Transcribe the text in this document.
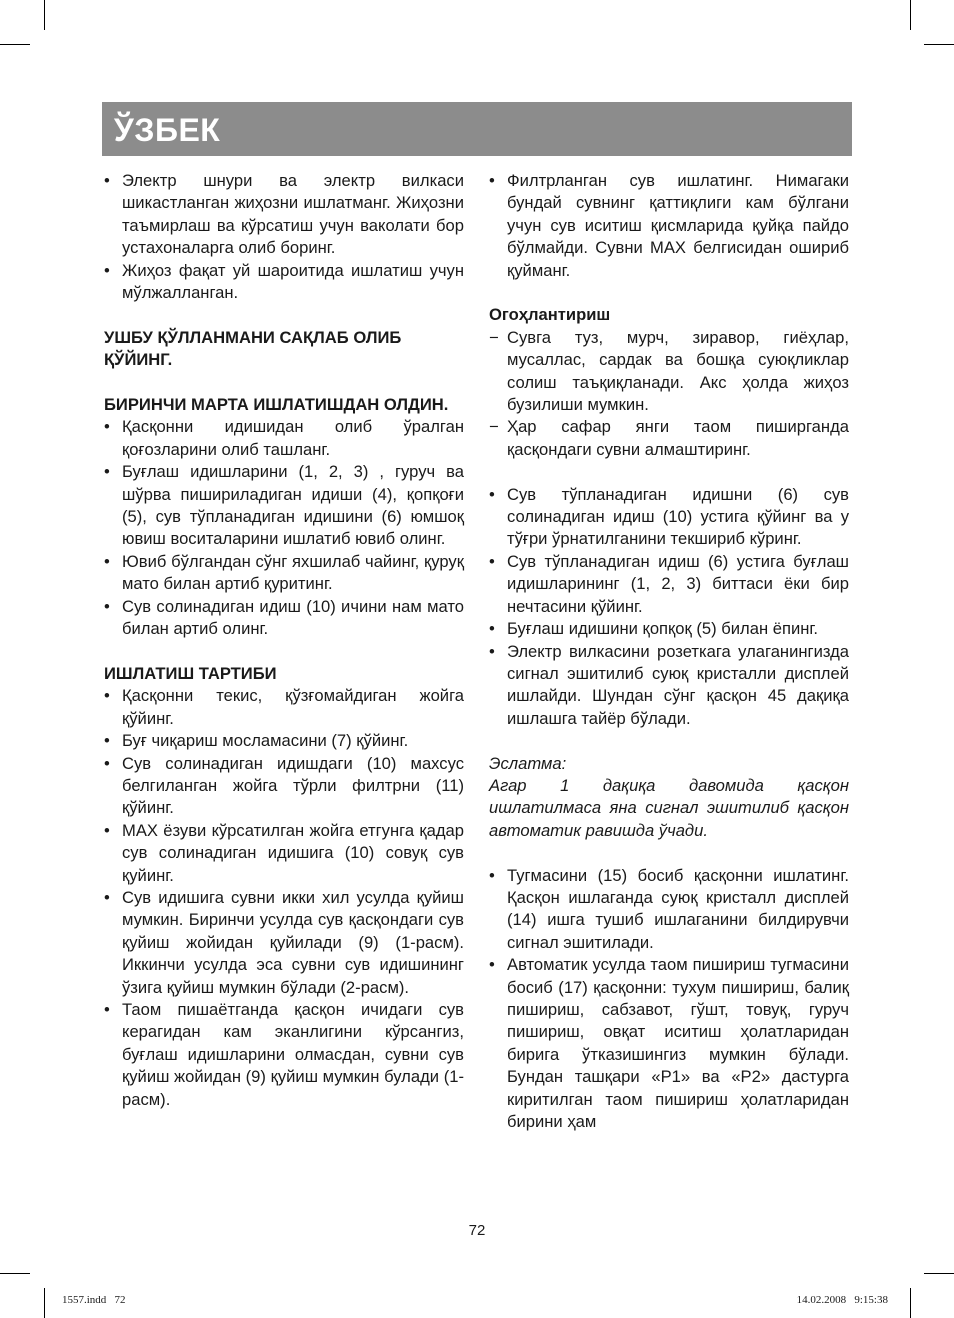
ЎЗБЕК

• Электр шнури ва электр вилкаси шикастланган жиҳозни ишлатманг. Жиҳозни таъмирлаш ва кўрсатиш учун ваколати бор устахоналарга олиб боринг.

• Жиҳоз фақат уй шароитида ишлатиш учун мўлжалланган.

УШБУ ҚЎЛЛАНМАНИ САҚЛАБ ОЛИБ ҚЎЙИНГ.

БИРИНЧИ МАРТА ИШЛАТИШДАН ОЛДИН.

• Қасқонни идишидан олиб ўралган қоғозларини олиб ташланг.

• Буғлаш идишларини (1, 2, 3) , гуруч ва шўрва пишириладиган идиши (4), қопқоғи (5), сув тўпланадиган идишини (6) юмшоқ ювиш воситаларини ишлатиб ювиб олинг.

• Ювиб бўлгандан сўнг яхшилаб чайинг, қуруқ мато билан артиб қуритинг.

• Сув солинадиган идиш (10) ичини нам мато билан артиб олинг.

ИШЛАТИШ ТАРТИБИ

• Қасқонни текис, қўзғомайдиган жойга қўйинг.

• Буғ чиқариш мосламасини (7) қўйинг.

• Сув солинадиган идишдаги (10) махсус белгиланган жойга тўрли филтрни (11) қўйинг.

• MAX ёзуви кўрсатилган жойга етгунга қадар сув солинадиган идишига (10) совуқ сув қуйинг.

• Сув идишига сувни икки хил усулда қуйиш мумкин. Биринчи усулда сув қасқондаги сув қуйиш жойидан қуйилади (9) (1-расм). Иккинчи усулда эса сувни сув идишининг ўзига қуйиш мумкин бўлади (2-расм).

• Таом пишаётганда қасқон ичидаги сув керагидан кам эканлигини кўрсангиз, буғлаш идишларини олмасдан, сувни сув қуйиш жойидан (9) қуйиш мумкин булади (1-расм).

• Филтрланган сув ишлатинг. Нимагаки бундай сувнинг қаттиқлиги кам бўлгани учун сув иситиш қисмларида қуйқа пайдо бўлмайди. Сувни MAX белгисидан ошириб қуйманг.

Огоҳлантириш

− Сувга туз, мурч, зиравор, гиёҳлар, мусаллас, сардак ва бошқа суюқликлар солиш таъқиқланади. Акс ҳолда жиҳоз бузилиши мумкин.

− Ҳар сафар янги таом пиширганда қасқондаги сувни алмаштиринг.

• Сув тўпланадиган идишни (6) сув солинадиган идиш (10) устига қўйинг ва у тўғри ўрнатилганини текшириб кўринг.

• Сув тўпланадиган идиш (6) устига буғлаш идишларининг (1, 2, 3) биттаси ёки бир нечтасини қўйинг.

• Буғлаш идишини қопқоқ (5) билан ёпинг.

• Электр вилкасини розеткага улаганингизда сигнал эшитилиб суюқ кристалли дисплей ишлайди. Шундан сўнг қасқон 45 дақиқа ишлашга тайёр бўлади.

Эслатма:

Агар 1 дақиқа давомида қасқон ишлатилмаса яна сигнал эшитилиб қасқон автоматик равишда ўчади.

• Тугмасини (15) босиб қасқонни ишлатинг. Қасқон ишлаганда суюқ кристалл дисплей (14) ишга тушиб ишлаганини билдирувчи сигнал эшитилади.

• Автоматик усулда таом пишириш тугмасини босиб (17) қасқонни: тухум пишириш, балиқ пишириш, сабзавот, гўшт, товуқ, гуруч пишириш, овқат иситиш ҳолатларидан бирига ўтказишингиз мумкин бўлади. Бундан ташқари «P1» ва «P2» дастурга киритилган таом пишириш ҳолатларидан бирини ҳам

72
1557.indd   72	14.02.2008   9:15:38
